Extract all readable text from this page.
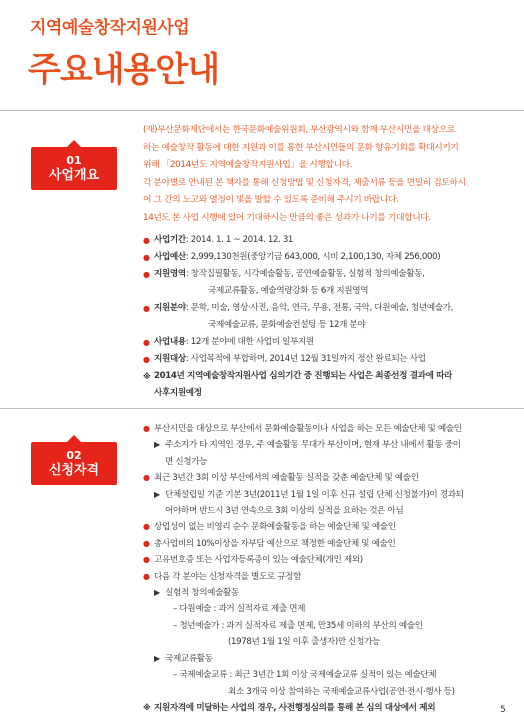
지역예술창작지원사업
주요내용안내
01
사업개요

(재)부산문화재단에서는 한국문화예술위원회, 부산광역시와 함께 부산시민을 대상으로

하는 예술창작 활동에 대한 지원과 이를 통한 부산시민들의 문화 향유기회를 확대시키기

위해 「2014년도 지역예술창작지원사업」을 시행합니다.

각 분야별로 안내된 본 책자를 통해 신청방법 및 신청자격, 제출서류 등을 면밀히 검토하시

어 그 간의 노고와 열정이 빛을 발할 수 있도록 준비해 주시기 바랍니다.

14년도 본 사업 시행에 있어 기대하시는 만큼의 좋은 성과가 나기를 기대합니다.

● 사업기간 : 2014. 1. 1 ~ 2014. 12. 31
● 사업예산 : 2,999,130천원(중앙기금 643,000, 시비 2,100,130, 자체 256,000)
● 지원영역 : 창작집필활동, 시각예술활동, 공연예술활동, 실험적 창의예술활동,
국제교류활동, 예술역량강화 등 6개 지원영역
● 지원분야 : 문학, 미술, 영상·사진, 음악, 연극, 무용, 전통, 국악, 다원예술, 청년예술가,
국제예술교류, 문화예술컨설팅 등 12개 분야
● 사업내용 : 12개 분야에 대한 사업비 일부지원
● 지원대상 : 사업목적에 부합하며, 2014년 12월 31일까지 정산 완료되는 사업
※ 2014년 지역예술창작지원사업 심의기간 중 진행되는 사업은 최종선정 결과에 따라
사후지원예정
02
신청자격
● 부산시민을 대상으로 부산에서 문화예술활동이나 사업을 하는 모든 예술단체 및 예술인
▶ 주소지가 타 지역인 경우, 주 예술활동 무대가 부산이며, 현재 부산 내에서 활동 중이
면 신청가능
● 최근 3년간 3회 이상 부산에서의 예술활동 실적을 갖춘 예술단체 및 예술인
▶ 단체설립일 기준 기본 3년(2011년 1월 1일 이후 신규 설립 단체 신청불가)이 경과되
어야하며 반드시 3년 연속으로 3회 이상의 실적을 요하는 것은 아님
● 상업성이 없는 비영리 순수 문화예술활동을 하는 예술단체 및 예술인
● 총사업비의 10%이상을 자부담 예산으로 책정한 예술단체 및 예술인
● 고유번호증 또는 사업자등록증이 있는 예술단체(개인 제외)
● 다음 각 분야는 신청자격을 별도로 규정함
▶ 실험적 창의예술활동
– 다원예술 : 과거 실적자료 제출 면제
– 청년예술가 : 과거 실적자료 제출 면제, 만35세 이하의 부산의 예술인
(1978년 1월 1일 이후 출생자)만 신청가능
▶ 국제교류활동
– 국제예술교류 : 최근 3년간 1회 이상 국제예술교류 실적이 있는 예술단체
최소 3개국 이상 참여하는 국제예술교류사업(공연·전시·행사 등)
※ 지원자격에 미달하는 사업의 경우, 사전행정심의를 통해 본 심의 대상에서 제외	5
